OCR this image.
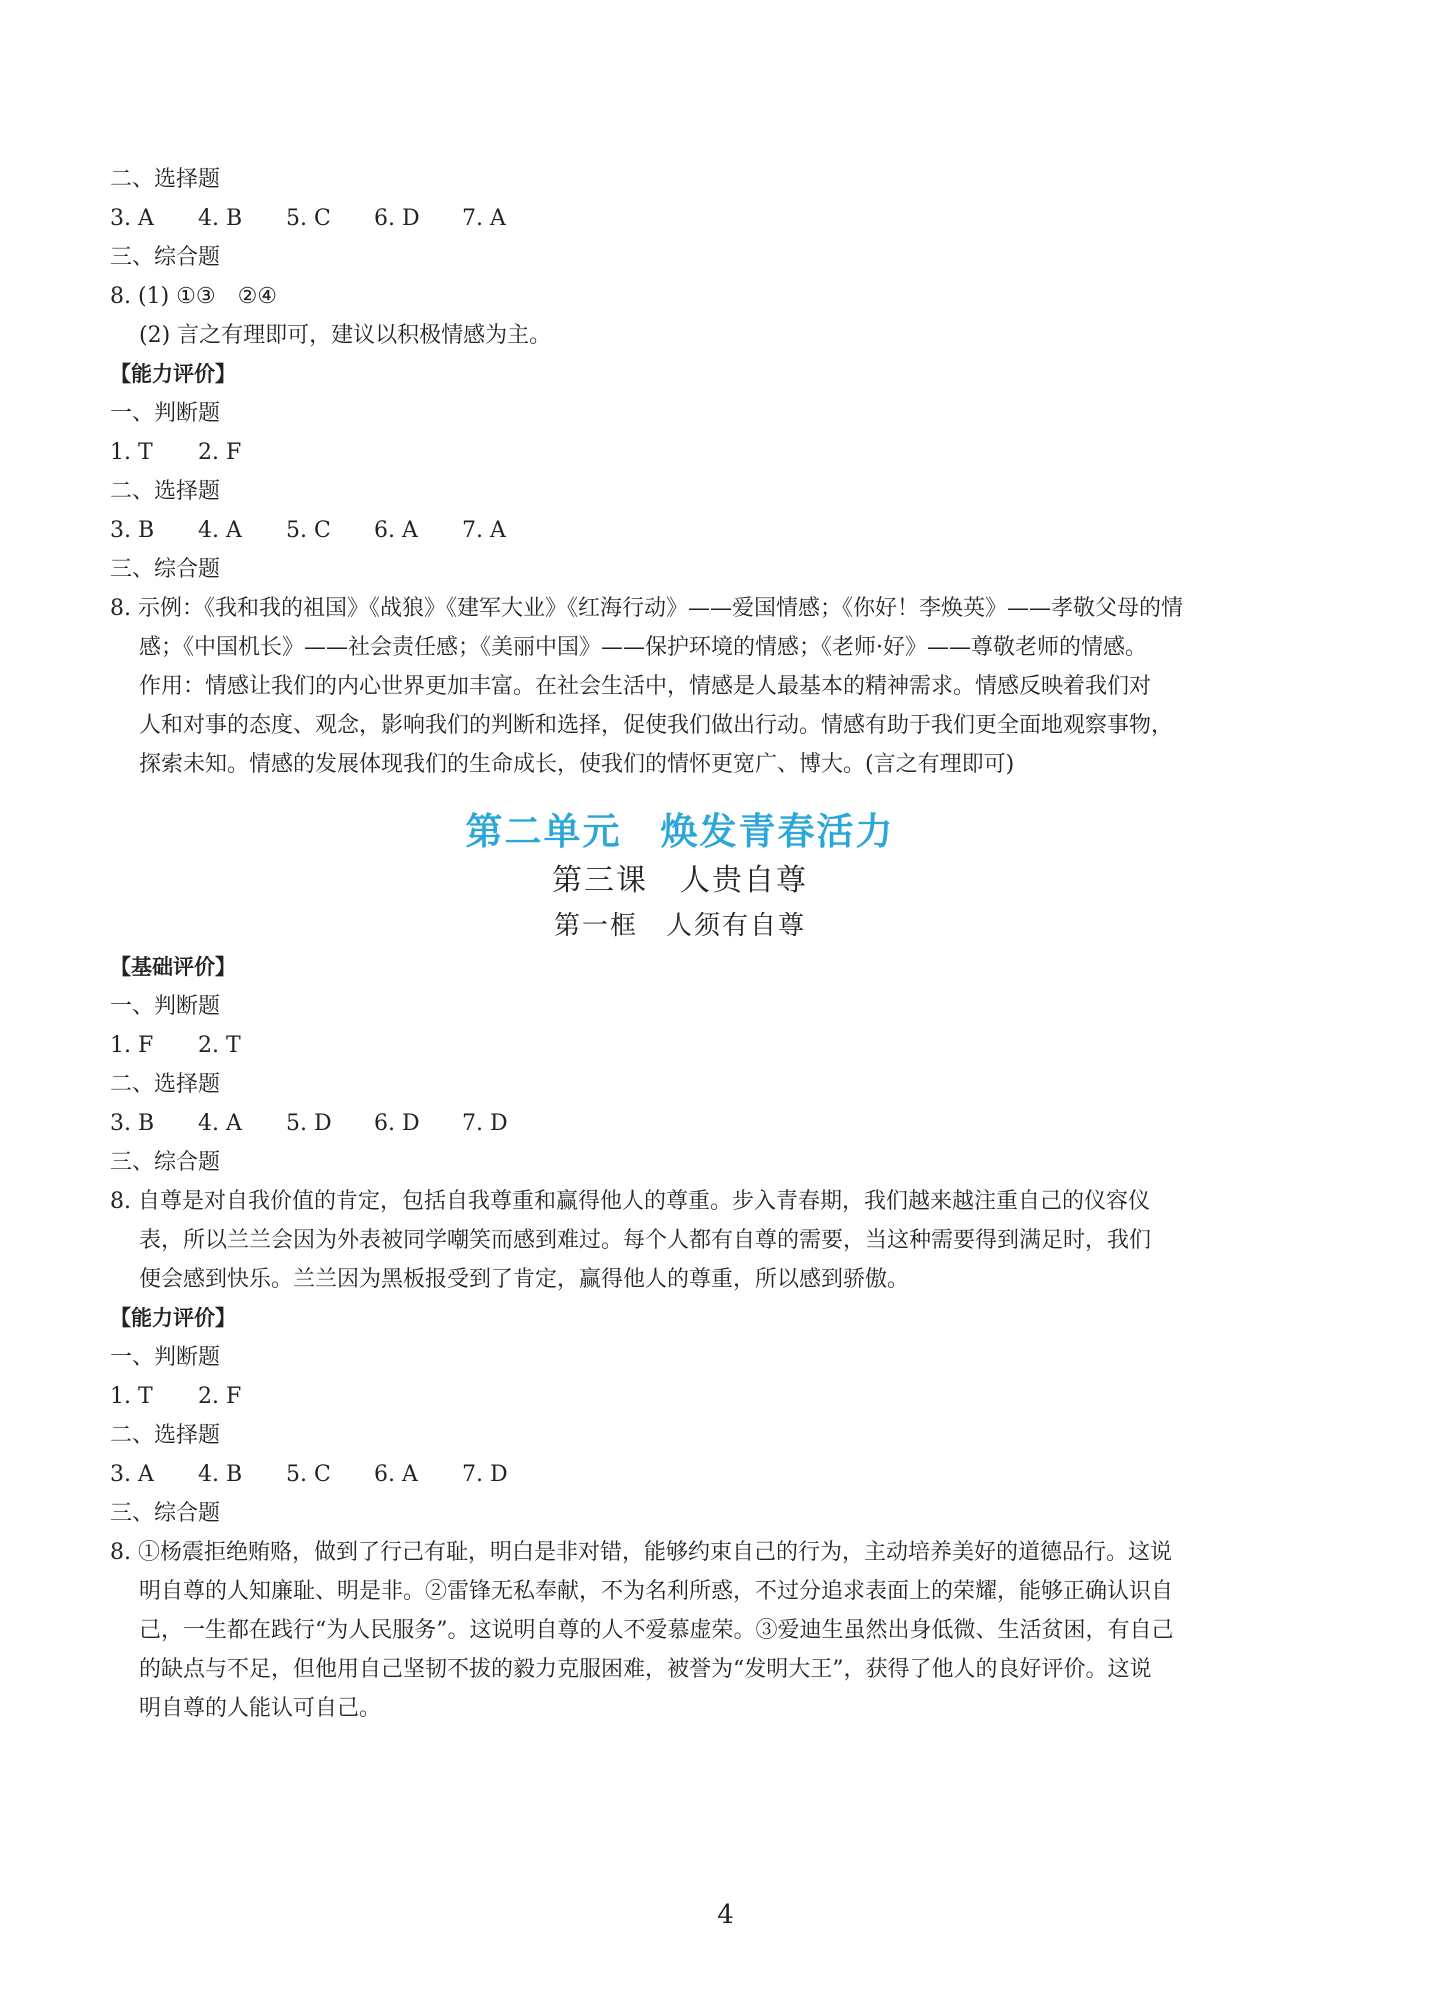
二、选择题
3. A 4. B 5. C 6. D 7. A
三、综合题
8. (1) ①③　②④
(2) 言之有理即可，建议以积极情感为主。
【能力评价】
一、判断题
1. T 2. F
二、选择题
3. B 4. A 5. C 6. A 7. A
三、综合题
8. 示例：《我和我的祖国》《战狼》《建军大业》《红海行动》——爱国情感；《你好！李焕英》——孝敬父母的情
感；《中国机长》——社会责任感；《美丽中国》——保护环境的情感；《老师·好》——尊敬老师的情感。
作用：情感让我们的内心世界更加丰富。在社会生活中，情感是人最基本的精神需求。情感反映着我们对
人和对事的态度、观念，影响我们的判断和选择，促使我们做出行动。情感有助于我们更全面地观察事物，
探索未知。情感的发展体现我们的生命成长，使我们的情怀更宽广、博大。(言之有理即可)
第二单元　焕发青春活力
第三课　人贵自尊
第一框　人须有自尊
【基础评价】
一、判断题
1. F 2. T
二、选择题
3. B 4. A 5. D 6. D 7. D
三、综合题
8. 自尊是对自我价值的肯定，包括自我尊重和赢得他人的尊重。步入青春期，我们越来越注重自己的仪容仪
表，所以兰兰会因为外表被同学嘲笑而感到难过。每个人都有自尊的需要，当这种需要得到满足时，我们
便会感到快乐。兰兰因为黑板报受到了肯定，赢得他人的尊重，所以感到骄傲。
【能力评价】
一、判断题
1. T 2. F
二、选择题
3. A 4. B 5. C 6. A 7. D
三、综合题
8. ①杨震拒绝贿赂，做到了行己有耻，明白是非对错，能够约束自己的行为，主动培养美好的道德品行。这说
明自尊的人知廉耻、明是非。②雷锋无私奉献，不为名利所惑，不过分追求表面上的荣耀，能够正确认识自
己，一生都在践行“为人民服务”。这说明自尊的人不爱慕虚荣。③爱迪生虽然出身低微、生活贫困，有自己
的缺点与不足，但他用自己坚韧不拔的毅力克服困难，被誉为“发明大王”，获得了他人的良好评价。这说
明自尊的人能认可自己。
4
